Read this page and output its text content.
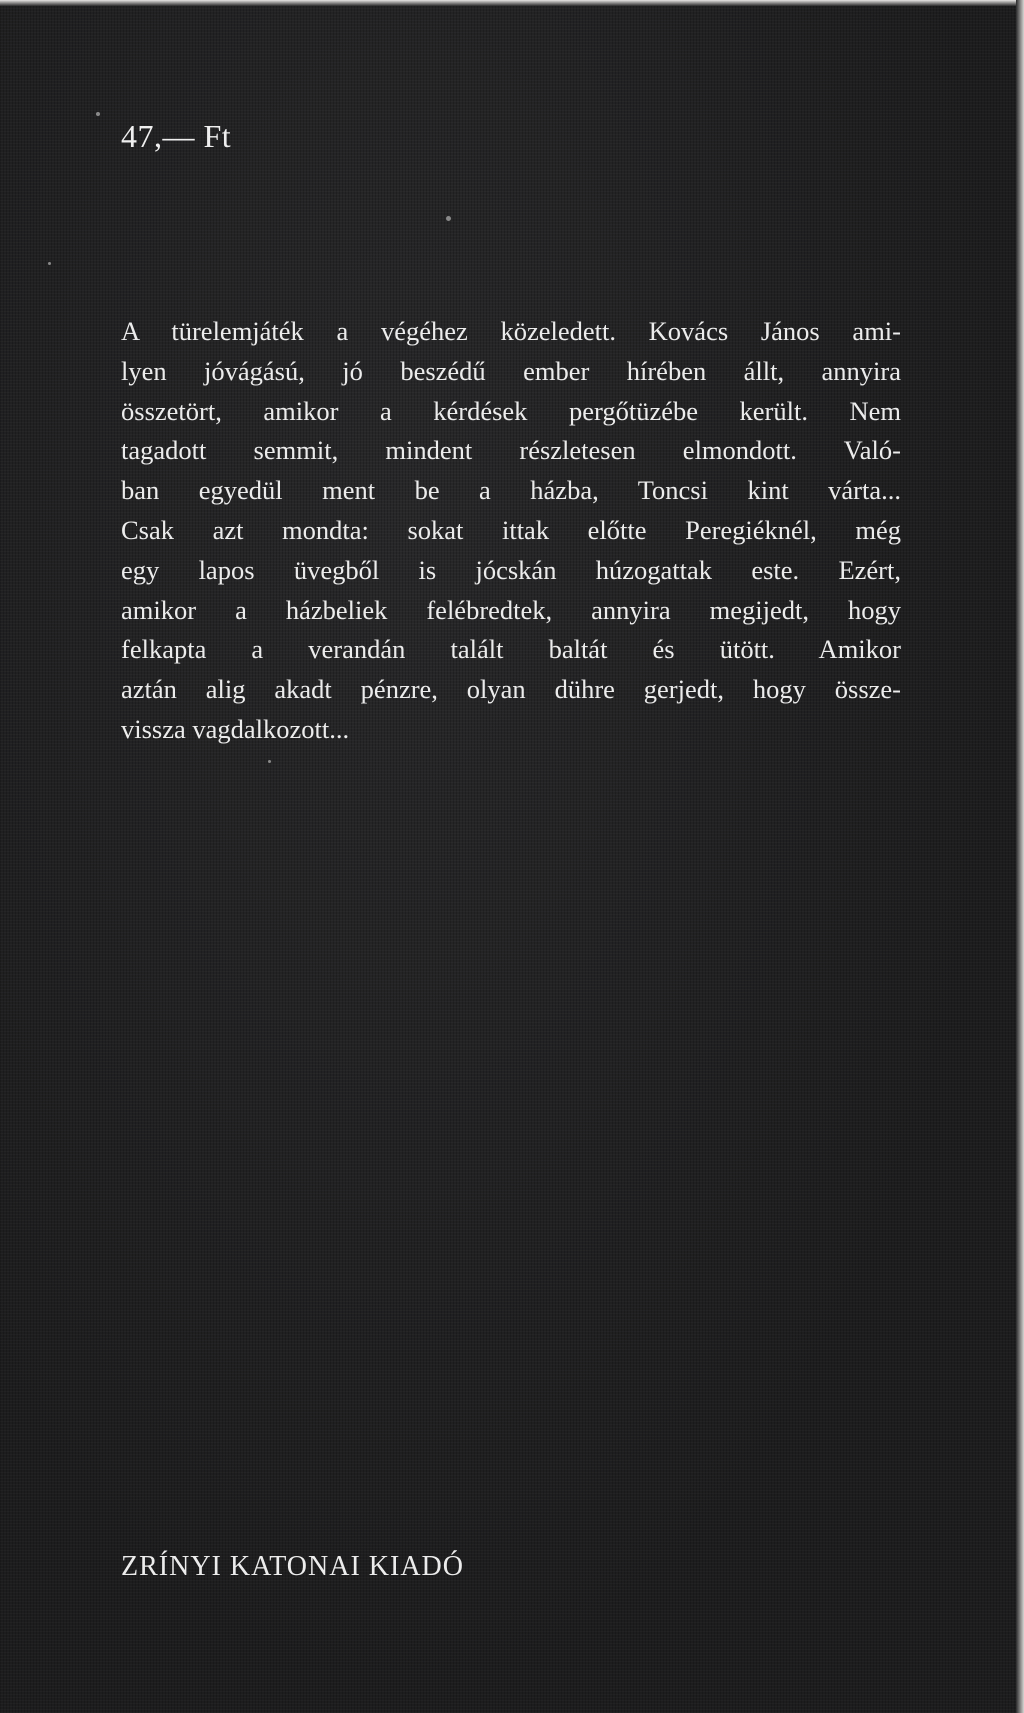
47,— Ft
A türelemjáték a végéhez közeledett. Kovács János ami-
lyen jóvágású, jó beszédű ember hírében állt, annyira
összetört, amikor a kérdések pergőtüzébe került. Nem
tagadott semmit, mindent részletesen elmondott. Való-
ban egyedül ment be a házba, Toncsi kint várta...
Csak azt mondta: sokat ittak előtte Peregiéknél, még
egy lapos üvegből is jócskán húzogattak este. Ezért,
amikor a házbeliek felébredtek, annyira megijedt, hogy
felkapta a verandán talált baltát és ütött. Amikor
aztán alig akadt pénzre, olyan dühre gerjedt, hogy össze-
vissza vagdalkozott...
ZRÍNYI KATONAI KIADÓ
